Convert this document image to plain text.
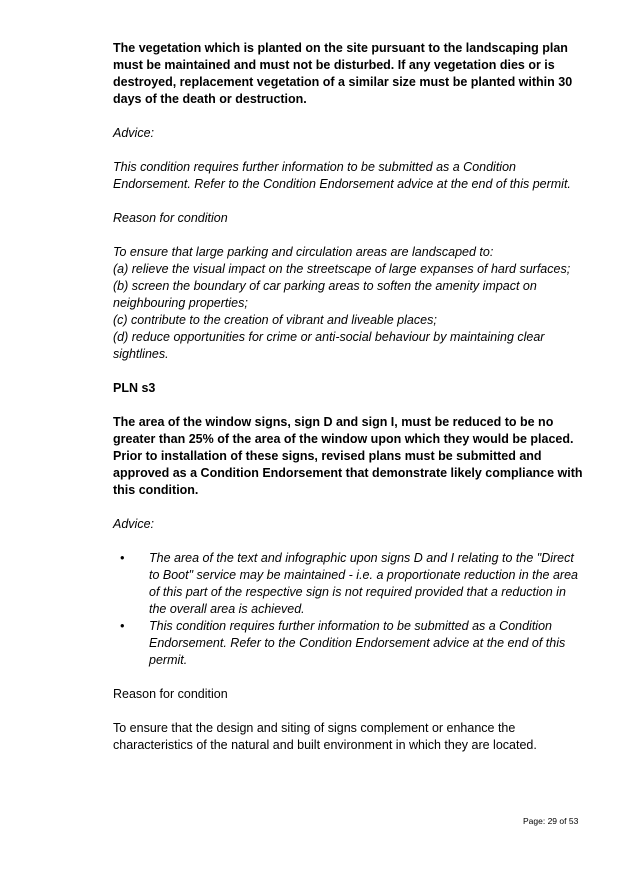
The vegetation which is planted on the site pursuant to the landscaping plan must be maintained and must not be disturbed. If any vegetation dies or is destroyed, replacement vegetation of a similar size must be planted within 30 days of the death or destruction.

Advice:

This condition requires further information to be submitted as a Condition Endorsement. Refer to the Condition Endorsement advice at the end of this permit.

Reason for condition

To ensure that large parking and circulation areas are landscaped to:

(a) relieve the visual impact on the streetscape of large expanses of hard surfaces;

(b) screen the boundary of car parking areas to soften the amenity impact on neighbouring properties;

(c) contribute to the creation of vibrant and liveable places;

(d) reduce opportunities for crime or anti-social behaviour by maintaining clear sightlines.

PLN s3

The area of the window signs, sign D and sign I, must be reduced to be no greater than 25% of the area of the window upon which they would be placed. Prior to installation of these signs, revised plans must be submitted and approved as a Condition Endorsement that demonstrate likely compliance with this condition.

Advice:

• The area of the text and infographic upon signs D and I relating to the "Direct to Boot" service may be maintained - i.e. a proportionate reduction in the area of this part of the respective sign is not required provided that a reduction in the overall area is achieved.
• This condition requires further information to be submitted as a Condition Endorsement. Refer to the Condition Endorsement advice at the end of this permit.

Reason for condition

To ensure that the design and siting of signs complement or enhance the characteristics of the natural and built environment in which they are located.

Page: 29 of 53
